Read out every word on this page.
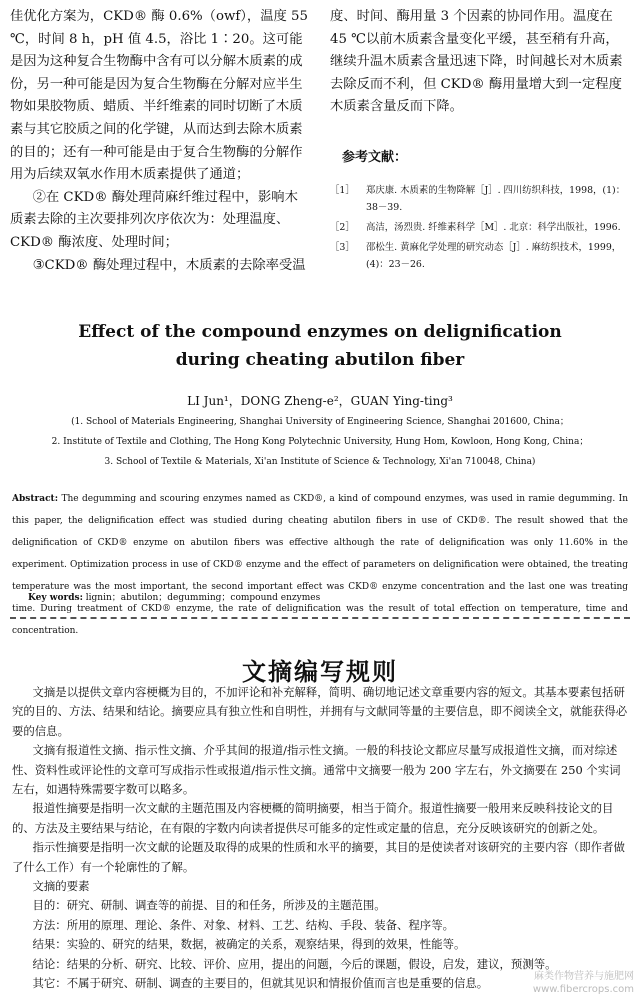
佳优化方案为，CKD® 酶 0.6%（owf），温度 55 ℃，时间 8 h，pH 值 4.5，浴比 1∶20。这可能是因为这种复合生物酶中含有可以分解木质素的成份，另一种可能是因为复合生物酶在分解对应半生物如果胶物质、蜡质、半纤维素的同时切断了木质素与其它胶质之间的化学键，从而达到去除木质素的目的；还有一种可能是由于复合生物酶的分解作用为后续双氧水作用木质素提供了通道；

②在 CKD® 酶处理苘麻纤维过程中，影响木质素去除的主次要排列次序依次为：处理温度、CKD® 酶浓度、处理时间；

③CKD® 酶处理过程中，木质素的去除率受温

度、时间、酶用量 3 个因素的协同作用。温度在 45 ℃以前木质素含量变化平缓，甚至稍有升高，继续升温木质素含量迅速下降，时间越长对木质素去除反而不利，但 CKD® 酶用量增大到一定程度木质素含量反而下降。

参考文献：

［1］	郑庆康. 木质素的生物降解［J］. 四川纺织科技，1998，(1)：38－39.
［2］	高洁，汤烈贵. 纤维素科学［M］. 北京：科学出版社，1996.
［3］	邵松生. 黄麻化学处理的研究动态［J］. 麻纺织技术，1999，(4)：23－26.
Effect of the compound enzymes on delignification
during cheating abutilon fiber
LI Jun¹，DONG Zheng-e²，GUAN Ying-ting³
(1. School of Materials Engineering, Shanghai University of Engineering Science, Shanghai 201600, China；
2. Institute of Textile and Clothing, The Hong Kong Polytechnic University, Hung Hom, Kowloon, Hong Kong, China；
3. School of Textile & Materials, Xi'an Institute of Science & Technology, Xi'an 710048, China)
Abstract: The degumming and scouring enzymes named as CKD®, a kind of compound enzymes, was used in ramie degumming. In this paper, the delignification effect was studied during cheating abutilon fibers in use of CKD®. The result showed that the delignification of CKD® enzyme on abutilon fibers was effective although the rate of delignification was only 11.60% in the experiment. Optimization process in use of CKD® enzyme and the effect of parameters on delignification were obtained, the treating temperature was the most important, the second important effect was CKD® enzyme concentration and the last one was treating time. During treatment of CKD® enzyme, the rate of delignification was the result of total effection on temperature, time and concentration.
Key words: lignin；abutilon；degumming；compound enzymes
文摘编写规则

文摘是以提供文章内容梗概为目的，不加评论和补充解释，简明、确切地记述文章重要内容的短文。其基本要素包括研究的目的、方法、结果和结论。摘要应具有独立性和自明性，并拥有与文献同等量的主要信息，即不阅读全文，就能获得必要的信息。

文摘有报道性文摘、指示性文摘、介乎其间的报道/指示性文摘。一般的科技论文都应尽量写成报道性文摘，而对综述性、资料性或评论性的文章可写成指示性或报道/指示性文摘。通常中文摘要一般为 200 字左右，外文摘要在 250 个实词左右，如遇特殊需要字数可以略多。

报道性摘要是指明一次文献的主题范围及内容梗概的简明摘要，相当于简介。报道性摘要一般用来反映科技论文的目的、方法及主要结果与结论，在有限的字数内向读者提供尽可能多的定性或定量的信息，充分反映该研究的创新之处。

指示性摘要是指明一次文献的论题及取得的成果的性质和水平的摘要，其目的是使读者对该研究的主要内容（即作者做了什么工作）有一个轮廓性的了解。

文摘的要素

目的：研究、研制、调查等的前提、目的和任务，所涉及的主题范围。

方法：所用的原理、理论、条件、对象、材料、工艺、结构、手段、装备、程序等。

结果：实验的、研究的结果，数据，被确定的关系，观察结果，得到的效果，性能等。

结论：结果的分析、研究、比较、评价、应用，提出的问题，今后的课题，假设，启发，建议，预测等。

其它：不属于研究、研制、调查的主要目的，但就其见识和情报价值而言也是重要的信息。	麻类作物营养与施肥网
www.fibercrops.com
